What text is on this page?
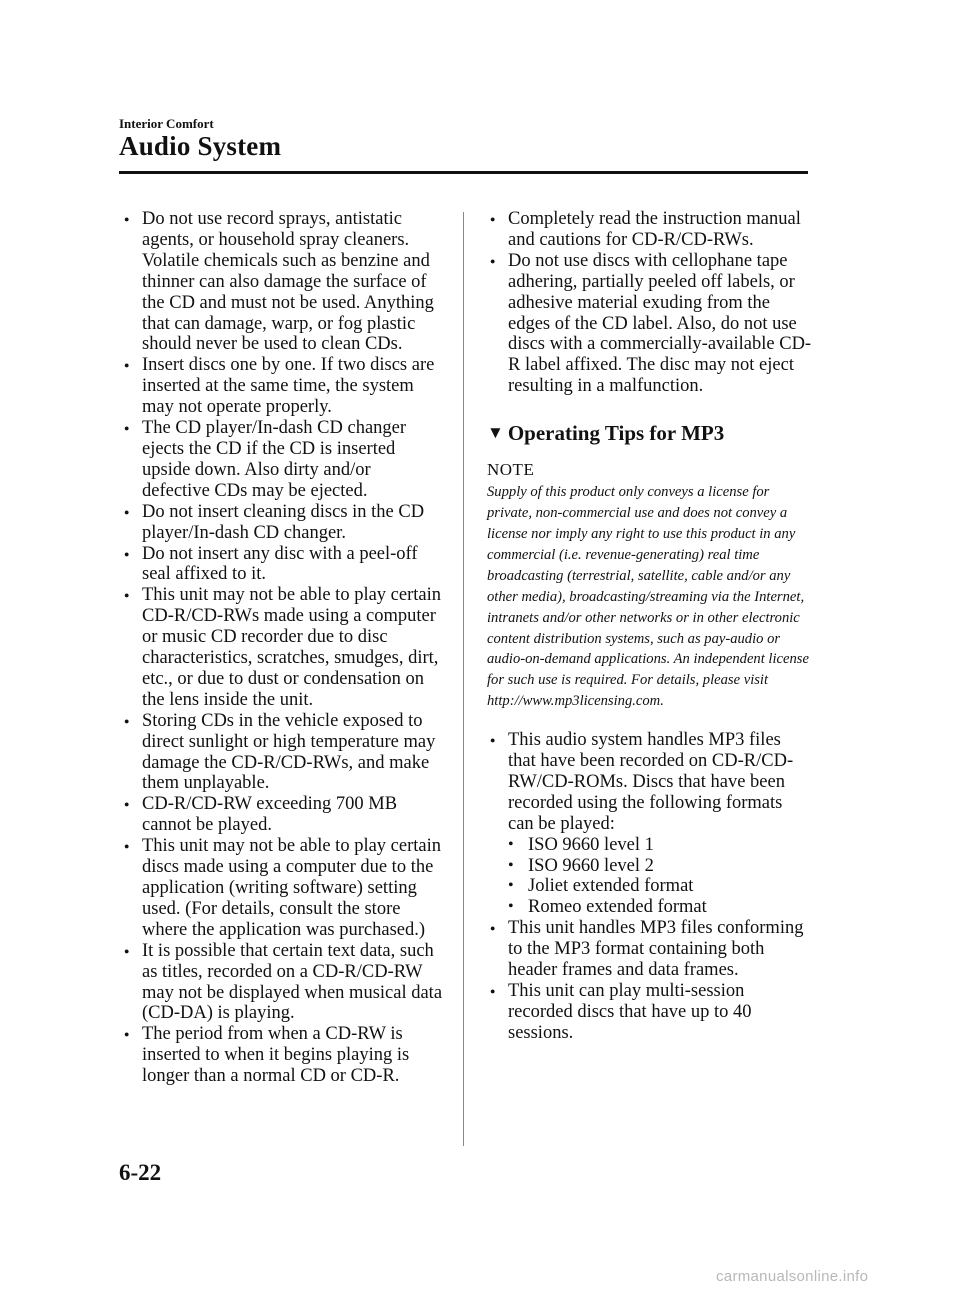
Interior Comfort
Audio System
● Do not use record sprays, antistatic agents, or household spray cleaners. Volatile chemicals such as benzine and thinner can also damage the surface of the CD and must not be used. Anything that can damage, warp, or fog plastic should never be used to clean CDs.
● Insert discs one by one. If two discs are inserted at the same time, the system may not operate properly.
● The CD player/In-dash CD changer ejects the CD if the CD is inserted upside down. Also dirty and/or defective CDs may be ejected.
● Do not insert cleaning discs in the CD player/In-dash CD changer.
● Do not insert any disc with a peel-off seal affixed to it.
● This unit may not be able to play certain CD-R/CD-RWs made using a computer or music CD recorder due to disc characteristics, scratches, smudges, dirt, etc., or due to dust or condensation on the lens inside the unit.
● Storing CDs in the vehicle exposed to direct sunlight or high temperature may damage the CD-R/CD-RWs, and make them unplayable.
● CD-R/CD-RW exceeding 700 MB cannot be played.
● This unit may not be able to play certain discs made using a computer due to the application (writing software) setting used. (For details, consult the store where the application was purchased.)
● It is possible that certain text data, such as titles, recorded on a CD-R/CD-RW may not be displayed when musical data (CD-DA) is playing.
● The period from when a CD-RW is inserted to when it begins playing is longer than a normal CD or CD-R.
● Completely read the instruction manual and cautions for CD-R/CD-RWs.
● Do not use discs with cellophane tape adhering, partially peeled off labels, or adhesive material exuding from the edges of the CD label. Also, do not use discs with a commercially-available CD-R label affixed. The disc may not eject resulting in a malfunction.
▼ Operating Tips for MP3
NOTE
Supply of this product only conveys a license for private, non-commercial use and does not convey a license nor imply any right to use this product in any commercial (i.e. revenue-generating) real time broadcasting (terrestrial, satellite, cable and/or any other media), broadcasting/streaming via the Internet, intranets and/or other networks or in other electronic content distribution systems, such as pay-audio or audio-on-demand applications. An independent license for such use is required. For details, please visit http://www.mp3licensing.com.
● This audio system handles MP3 files that have been recorded on CD-R/CD-RW/CD-ROMs. Discs that have been recorded using the following formats can be played:
• ISO 9660 level 1
• ISO 9660 level 2
• Joliet extended format
• Romeo extended format
● This unit handles MP3 files conforming to the MP3 format containing both header frames and data frames.
● This unit can play multi-session recorded discs that have up to 40 sessions.
6-22
carmanualsonline.info
